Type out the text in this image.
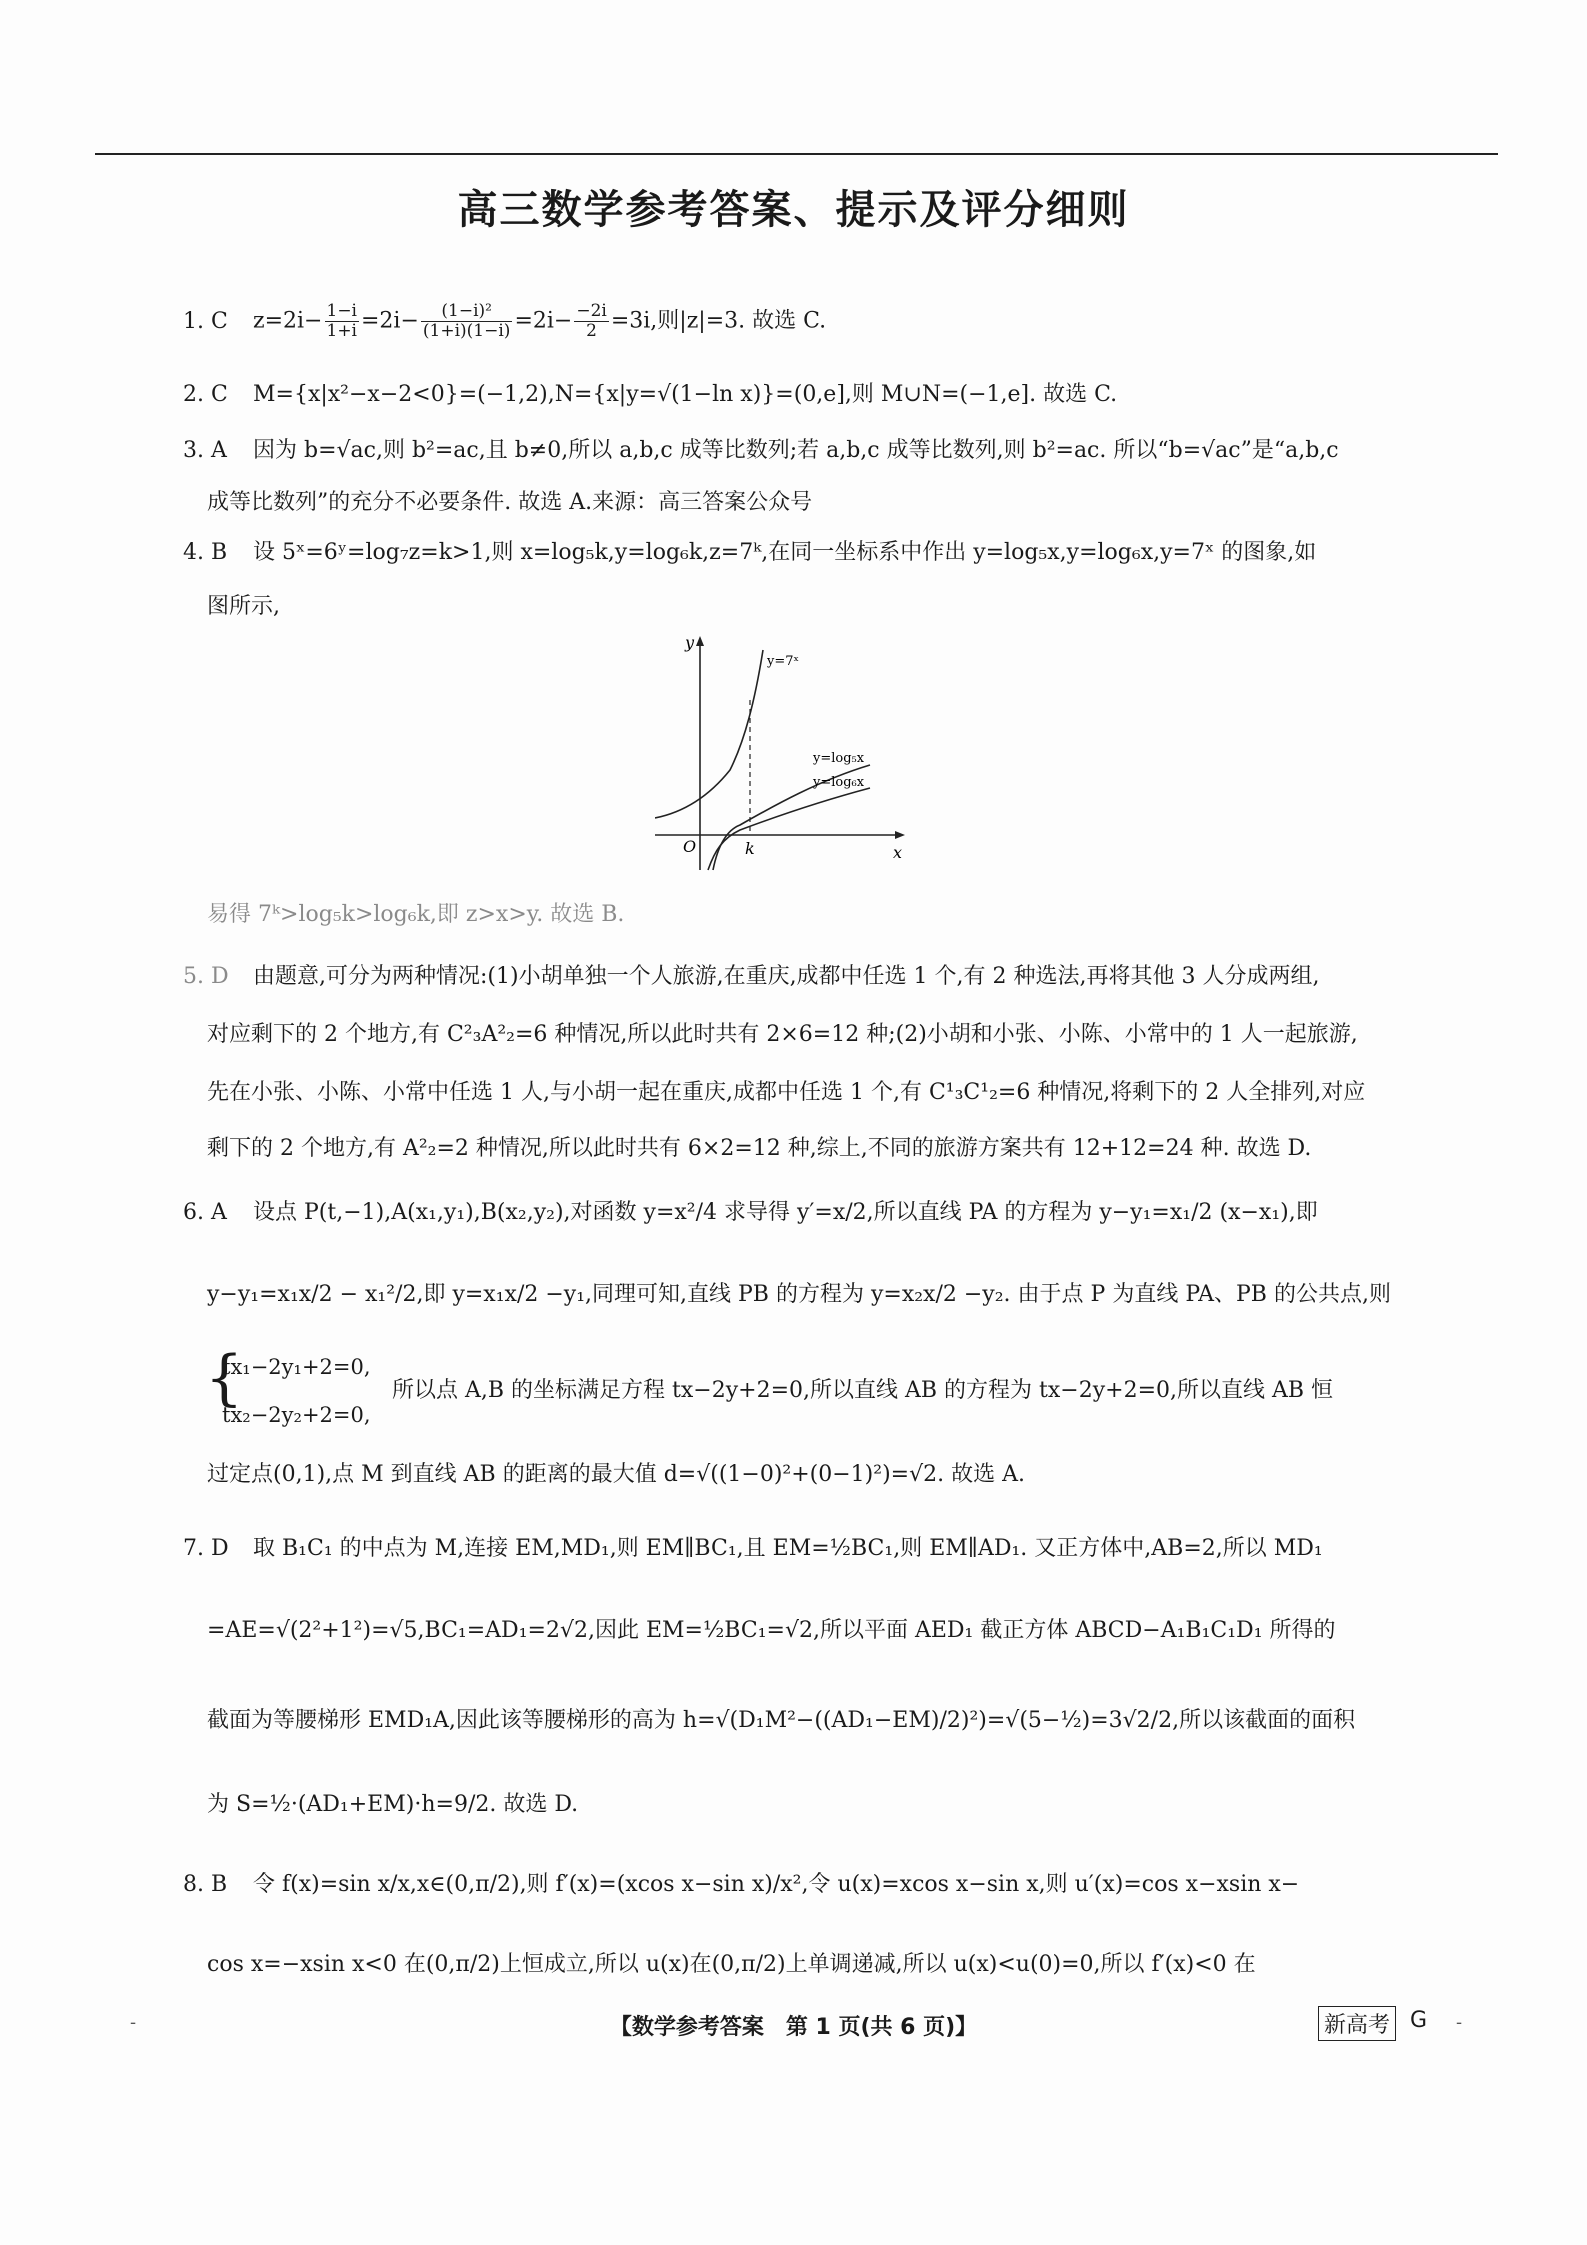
高三数学参考答案、提示及评分细则
1. C $z=2i- \frac{1-i}{1+i} =2i- \frac{\text{(1−i)²}}{(1+i)(1-i)} =2i- \frac{-2i}{2} =3i$,则|z|=3. 故选 C.
2. C M={x|x²−x−2<0}=(−1,2),N={x|y=√(1−ln x)}=(0,e],则 M∪N=(−1,e]. 故选 C.
3. A 因为 b=√ac,则 b²=ac,且 b≠0,所以 a,b,c 成等比数列;若 a,b,c 成等比数列,则 b²=ac. 所以“b=√ac”是“a,b,c
成等比数列”的充分不必要条件. 故选 A.来源：高三答案公众号
4. B 设 5ˣ=6ʸ=log₇z=k>1,则 x=log₅k,y=log₆k,z=7ᵏ,在同一坐标系中作出 y=log₅x,y=log₆x,y=7ˣ 的图象,如
图所示,
y
x
O	k
y=7ˣ
y=log₅x
y=log₆x
易得 7ᵏ>log₅k>log₆k,即 z>x>y. 故选 B.
5. D 由题意,可分为两种情况:(1)小胡单独一个人旅游,在重庆,成都中任选 1 个,有 2 种选法,再将其他 3 人分成两组,
对应剩下的 2 个地方,有 C²₃A²₂=6 种情况,所以此时共有 2×6=12 种;(2)小胡和小张、小陈、小常中的 1 人一起旅游,
先在小张、小陈、小常中任选 1 人,与小胡一起在重庆,成都中任选 1 个,有 C¹₃C¹₂=6 种情况,将剩下的 2 人全排列,对应
剩下的 2 个地方,有 A²₂=2 种情况,所以此时共有 6×2=12 种,综上,不同的旅游方案共有 12+12=24 种. 故选 D.
6. A 设点 P(t,−1),A(x₁,y₁),B(x₂,y₂),对函数 y=x²/4 求导得 y′=x/2,所以直线 PA 的方程为 y−y₁=x₁/2 (x−x₁),即
y−y₁=x₁x/2 − x₁²/2,即 y=x₁x/2 −y₁,同理可知,直线 PB 的方程为 y=x₂x/2 −y₂. 由于点 P 为直线 PA、PB 的公共点,则
{
tx₁−2y₁+2=0,
tx₂−2y₂+2=0,
所以点 A,B 的坐标满足方程 tx−2y+2=0,所以直线 AB 的方程为 tx−2y+2=0,所以直线 AB 恒
过定点(0,1),点 M 到直线 AB 的距离的最大值 d=√((1−0)²+(0−1)²)=√2. 故选 A.
7. D 取 B₁C₁ 的中点为 M,连接 EM,MD₁,则 EM∥BC₁,且 EM=½BC₁,则 EM∥AD₁. 又正方体中,AB=2,所以 MD₁
=AE=√(2²+1²)=√5,BC₁=AD₁=2√2,因此 EM=½BC₁=√2,所以平面 AED₁ 截正方体 ABCD−A₁B₁C₁D₁ 所得的
截面为等腰梯形 EMD₁A,因此该等腰梯形的高为 h=√(D₁M²−((AD₁−EM)/2)²)=√(5−½)=3√2/2,所以该截面的面积
为 S=½·(AD₁+EM)·h=9/2. 故选 D.
8. B 令 f(x)=sin x/x,x∈(0,π/2),则 f′(x)=(xcos x−sin x)/x²,令 u(x)=xcos x−sin x,则 u′(x)=cos x−xsin x−
cos x=−xsin x<0 在(0,π/2)上恒成立,所以 u(x)在(0,π/2)上单调递减,所以 u(x)<u(0)=0,所以 f′(x)<0 在
-	【数学参考答案　第 1 页(共 6 页)】	新高考 G -
